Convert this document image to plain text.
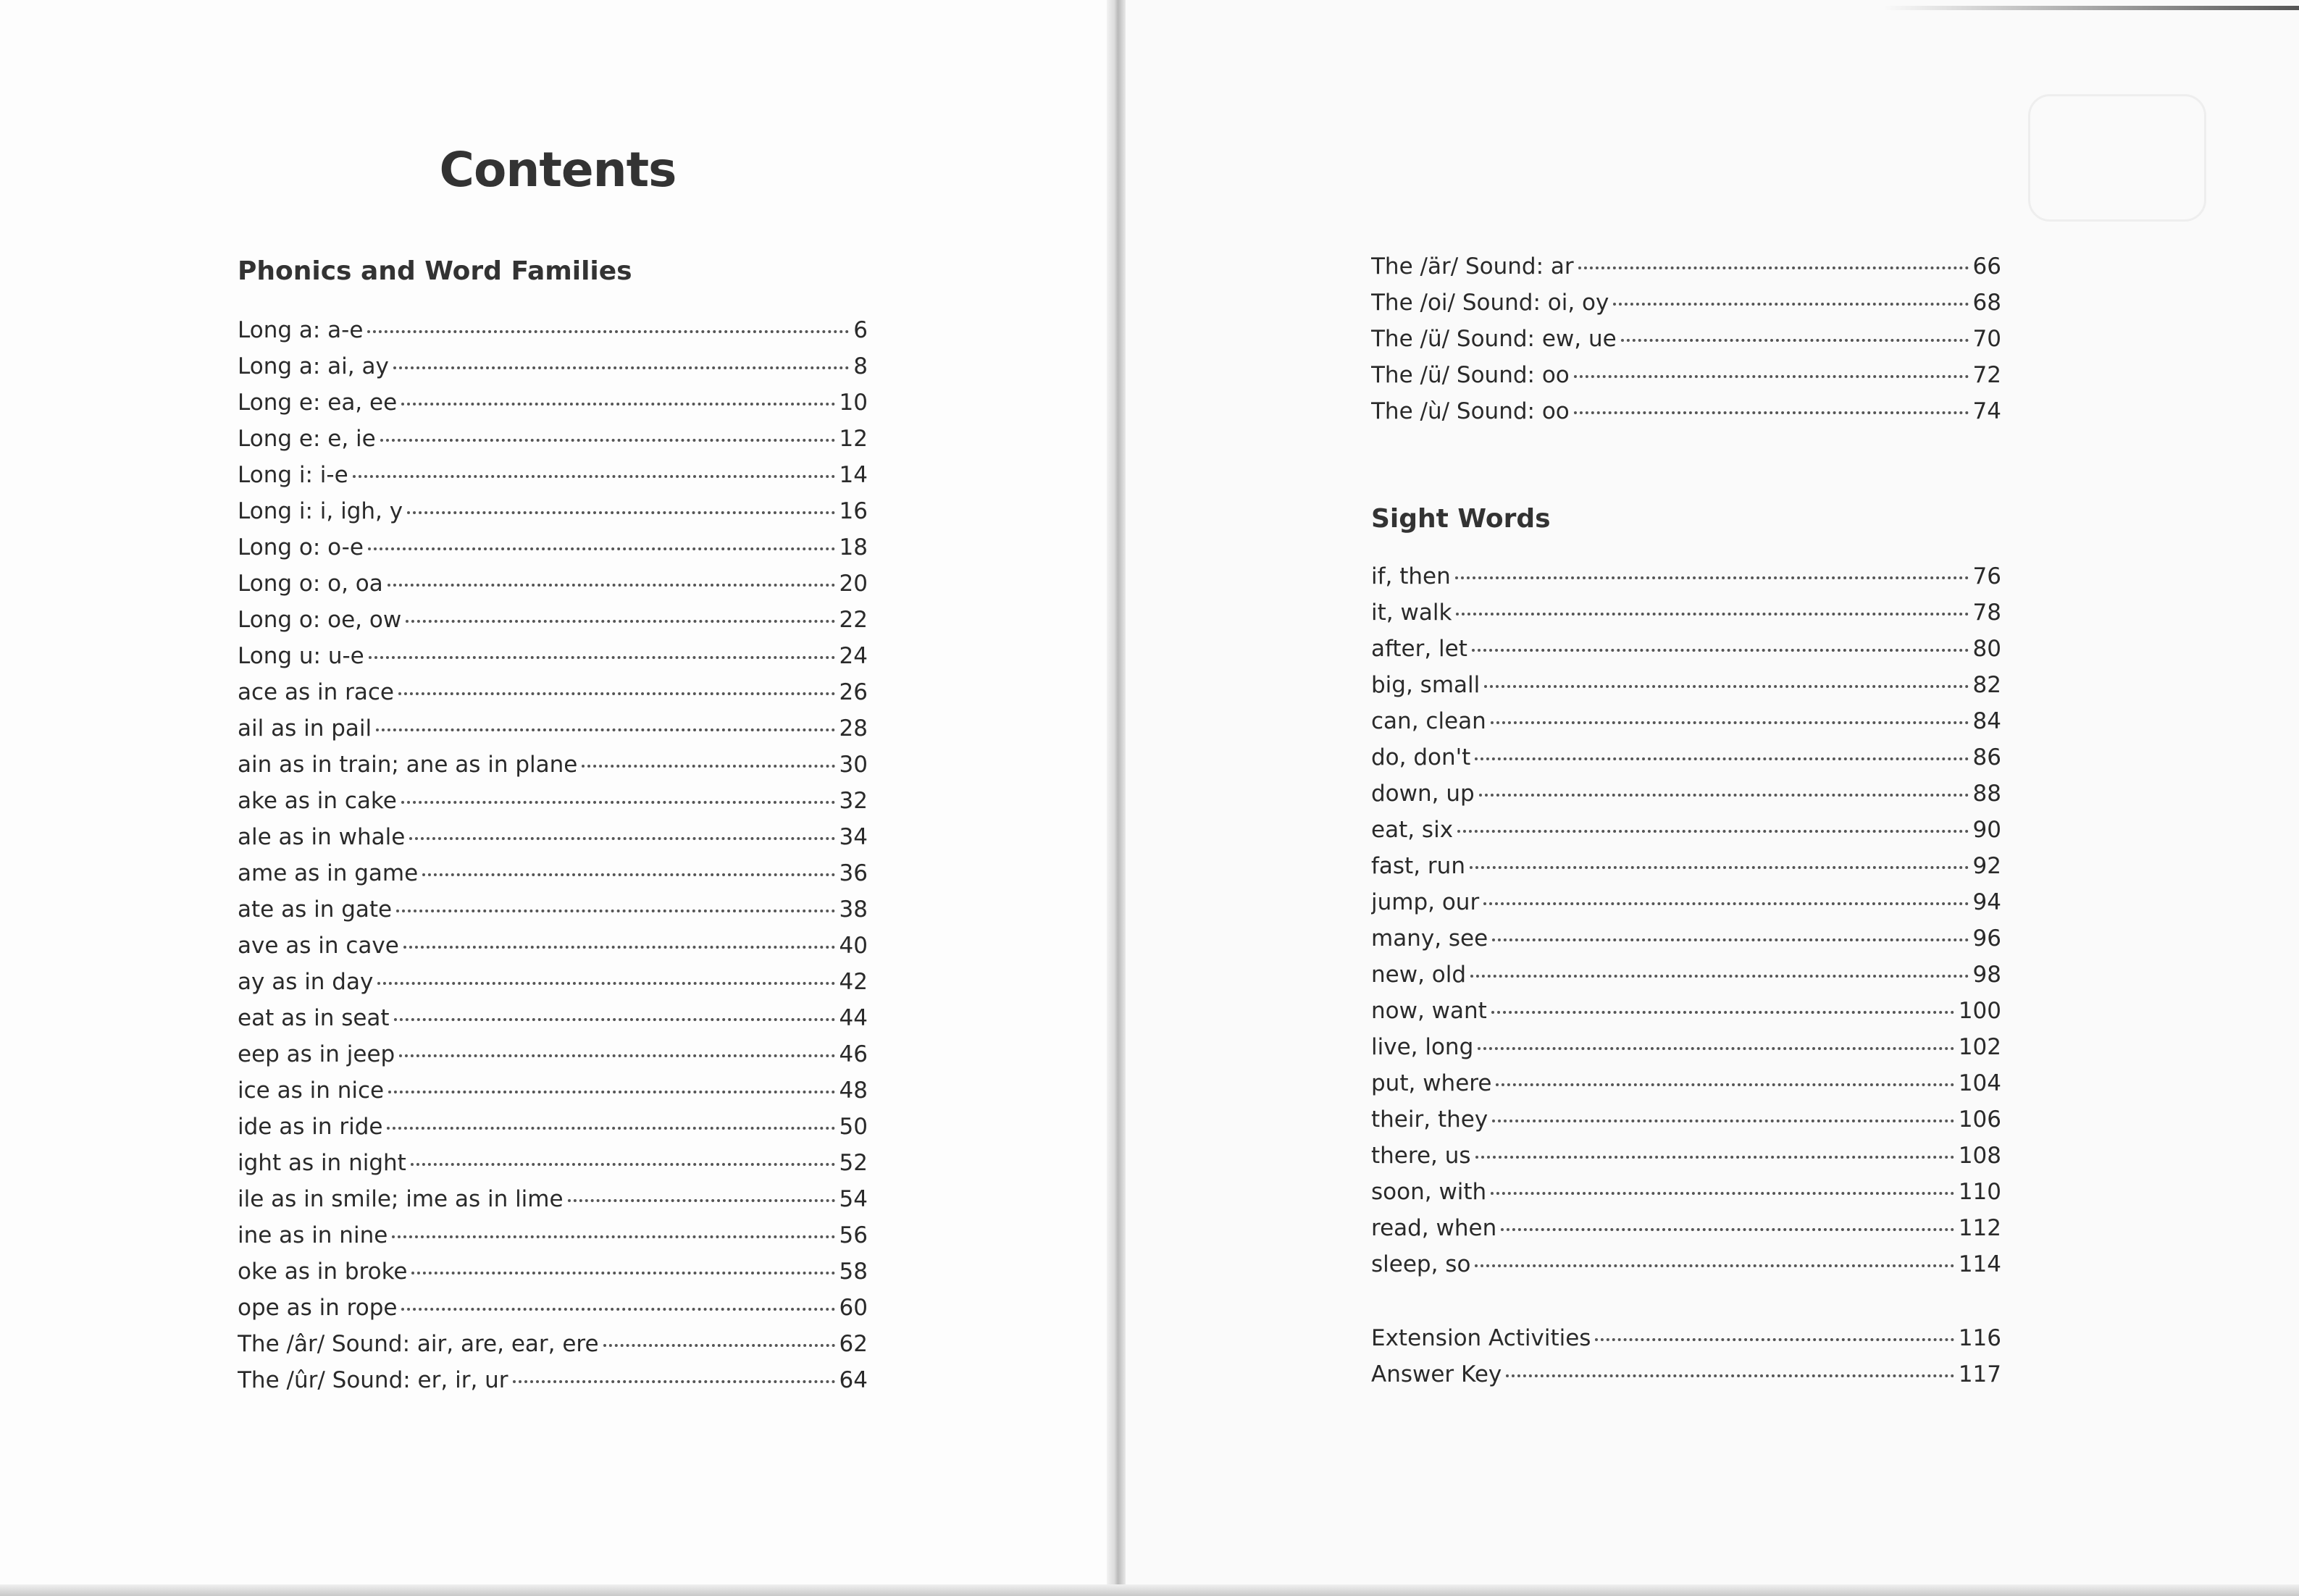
Contents
Phonics and Word Families
Long a: a-e	6
Long a: ai, ay	8
Long e: ea, ee	10
Long e: e, ie	12
Long i: i-e	14
Long i: i, igh, y	16
Long o: o-e	18
Long o: o, oa	20
Long o: oe, ow	22
Long u: u-e	24
ace as in race	26
ail as in pail	28
ain as in train; ane as in plane	30
ake as in cake	32
ale as in whale	34
ame as in game	36
ate as in gate	38
ave as in cave	40
ay as in day	42
eat as in seat	44
eep as in jeep	46
ice as in nice	48
ide as in ride	50
ight as in night	52
ile as in smile; ime as in lime	54
ine as in nine	56
oke as in broke	58
ope as in rope	60
The /âr/ Sound: air, are, ear, ere	62
The /ûr/ Sound: er, ir, ur	64
The /är/ Sound: ar	66
The /oi/ Sound: oi, oy	68
The /ü/ Sound: ew, ue	70
The /ü/ Sound: oo	72
The /ù/ Sound: oo	74
Sight Words
if, then	76
it, walk	78
after, let	80
big, small	82
can, clean	84
do, don't	86
down, up	88
eat, six	90
fast, run	92
jump, our	94
many, see	96
new, old	98
now, want	100
live, long	102
put, where	104
their, they	106
there, us	108
soon, with	110
read, when	112
sleep, so	114
Extension Activities	116
Answer Key	117
